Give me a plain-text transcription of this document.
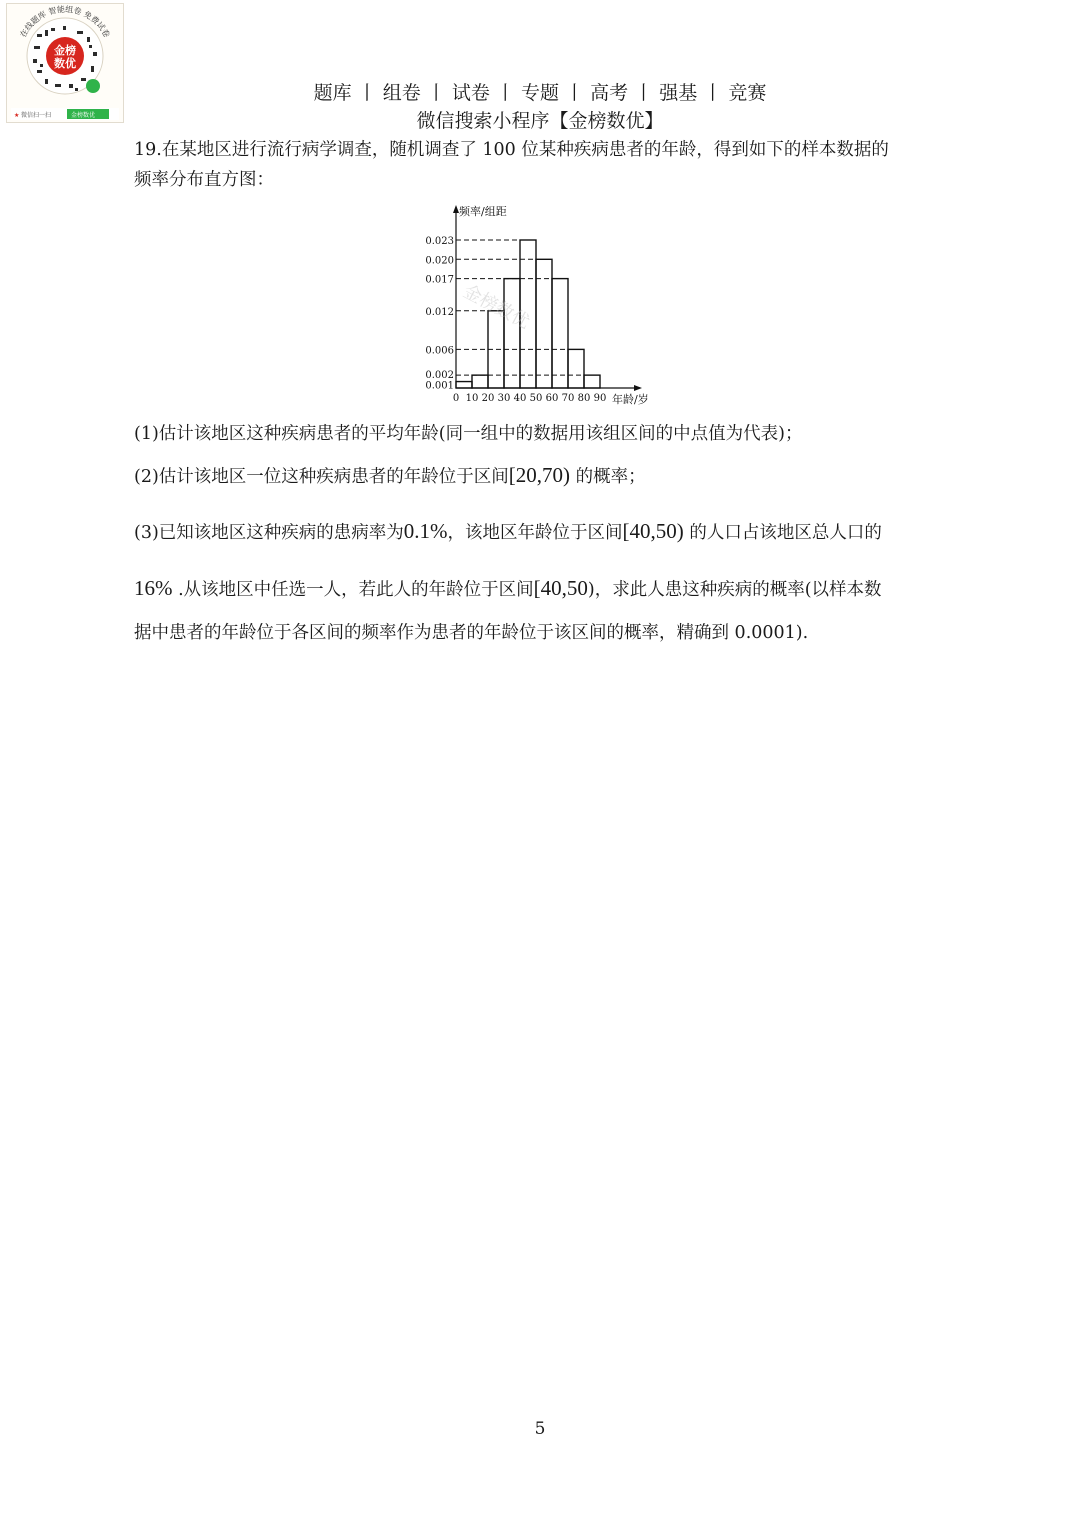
金榜
数优
在线题库 智能组卷 免费试卷
★ 微信扫一扫	金榜数优
题库 丨 组卷 丨 试卷 丨 专题 丨 高考 丨 强基 丨 竞赛
微信搜索小程序【金榜数优】
19.在某地区进行流行病学调查，随机调查了 100 位某种疾病患者的年龄，得到如下的样本数据的
频率分布直方图：
0.023
0.020
0.017
0.012
0.006
0.002
0.001
0 10 20 30 40 50 60 70 80 90
频率/组距
年龄/岁
金榜数优
(1)估计该地区这种疾病患者的平均年龄(同一组中的数据用该组区间的中点值为代表)；
(2)估计该地区一位这种疾病患者的年龄位于区间[20,70) 的概率；
(3)已知该地区这种疾病的患病率为0.1%，该地区年龄位于区间[40,50) 的人口占该地区总人口的
16% .从该地区中任选一人，若此人的年龄位于区间[40,50)，求此人患这种疾病的概率(以样本数
据中患者的年龄位于各区间的频率作为患者的年龄位于该区间的概率，精确到 0.0001).
5
